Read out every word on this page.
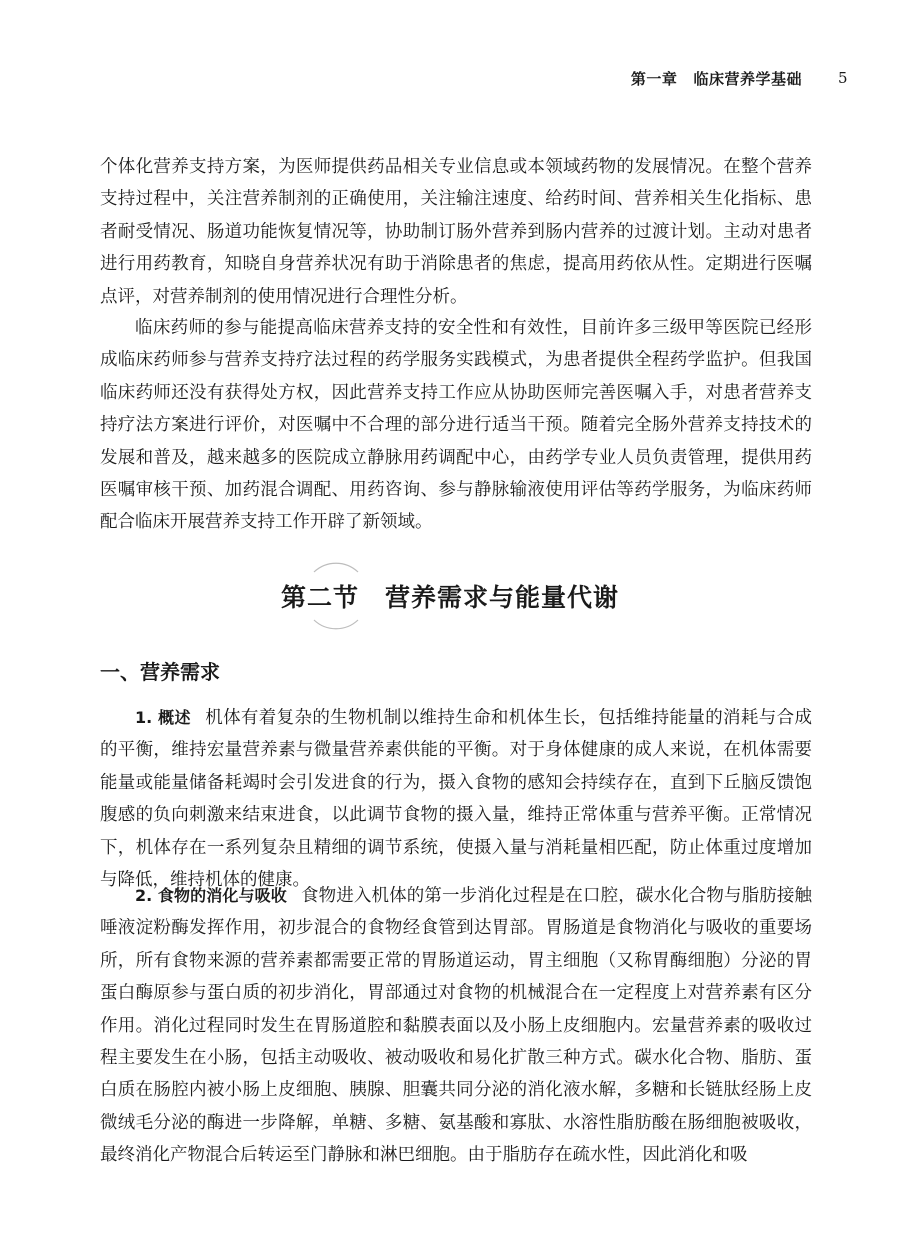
第一章 临床营养学基础 5

个体化营养支持方案，为医师提供药品相关专业信息或本领域药物的发展情况。在整个营养支持过程中，关注营养制剂的正确使用，关注输注速度、给药时间、营养相关生化指标、患者耐受情况、肠道功能恢复情况等，协助制订肠外营养到肠内营养的过渡计划。主动对患者进行用药教育，知晓自身营养状况有助于消除患者的焦虑，提高用药依从性。定期进行医嘱点评，对营养制剂的使用情况进行合理性分析。

临床药师的参与能提高临床营养支持的安全性和有效性，目前许多三级甲等医院已经形成临床药师参与营养支持疗法过程的药学服务实践模式，为患者提供全程药学监护。但我国临床药师还没有获得处方权，因此营养支持工作应从协助医师完善医嘱入手，对患者营养支持疗法方案进行评价，对医嘱中不合理的部分进行适当干预。随着完全肠外营养支持技术的发展和普及，越来越多的医院成立静脉用药调配中心，由药学专业人员负责管理，提供用药医嘱审核干预、加药混合调配、用药咨询、参与静脉输液使用评估等药学服务，为临床药师配合临床开展营养支持工作开辟了新领域。

第二节　营养需求与能量代谢
一、营养需求

1. 概述 机体有着复杂的生物机制以维持生命和机体生长，包括维持能量的消耗与合成的平衡，维持宏量营养素与微量营养素供能的平衡。对于身体健康的成人来说，在机体需要能量或能量储备耗竭时会引发进食的行为，摄入食物的感知会持续存在，直到下丘脑反馈饱腹感的负向刺激来结束进食，以此调节食物的摄入量，维持正常体重与营养平衡。正常情况下，机体存在一系列复杂且精细的调节系统，使摄入量与消耗量相匹配，防止体重过度增加与降低，维持机体的健康。

2. 食物的消化与吸收 食物进入机体的第一步消化过程是在口腔，碳水化合物与脂肪接触唾液淀粉酶发挥作用，初步混合的食物经食管到达胃部。胃肠道是食物消化与吸收的重要场所，所有食物来源的营养素都需要正常的胃肠道运动，胃主细胞（又称胃酶细胞）分泌的胃蛋白酶原参与蛋白质的初步消化，胃部通过对食物的机械混合在一定程度上对营养素有区分作用。消化过程同时发生在胃肠道腔和黏膜表面以及小肠上皮细胞内。宏量营养素的吸收过程主要发生在小肠，包括主动吸收、被动吸收和易化扩散三种方式。碳水化合物、脂肪、蛋白质在肠腔内被小肠上皮细胞、胰腺、胆囊共同分泌的消化液水解，多糖和长链肽经肠上皮微绒毛分泌的酶进一步降解，单糖、多糖、氨基酸和寡肽、水溶性脂肪酸在肠细胞被吸收，最终消化产物混合后转运至门静脉和淋巴细胞。由于脂肪存在疏水性，因此消化和吸
